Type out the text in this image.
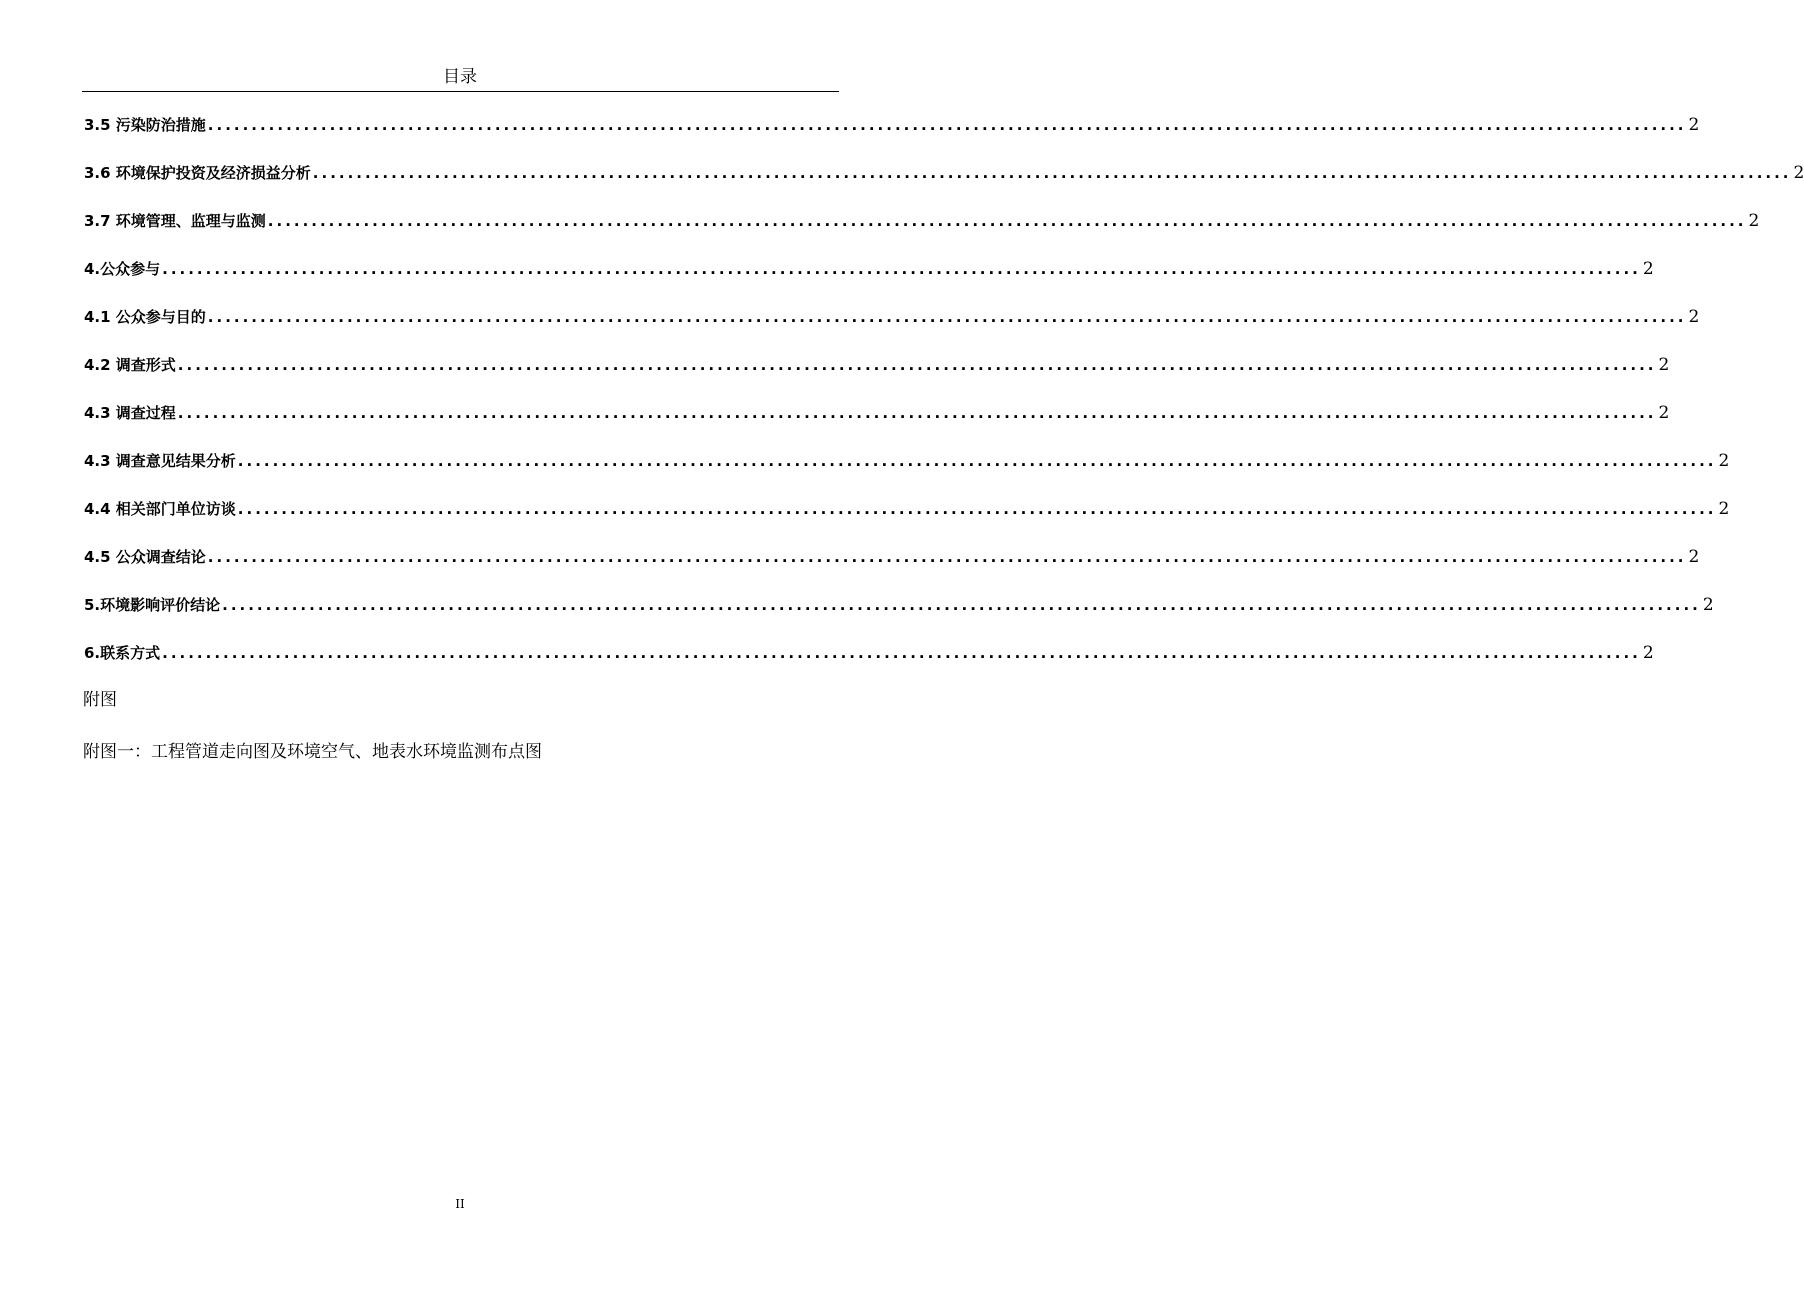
目录
3.5 污染防治措施 .......................................................................................................................................................................... 2
3.6 环境保护投资及经济损益分析 .......................................................................................................................................................................... 2
3.7 环境管理、监理与监测 .......................................................................................................................................................................... 2
4.公众参与 .......................................................................................................................................................................... 2
4.1 公众参与目的 .......................................................................................................................................................................... 2
4.2 调查形式 .......................................................................................................................................................................... 2
4.3 调查过程 .......................................................................................................................................................................... 2
4.3 调查意见结果分析 .......................................................................................................................................................................... 2
4.4 相关部门单位访谈 .......................................................................................................................................................................... 2
4.5 公众调查结论 .......................................................................................................................................................................... 2
5.环境影响评价结论 .......................................................................................................................................................................... 2
6.联系方式 .......................................................................................................................................................................... 2
附图
附图一：工程管道走向图及环境空气、地表水环境监测布点图
II
